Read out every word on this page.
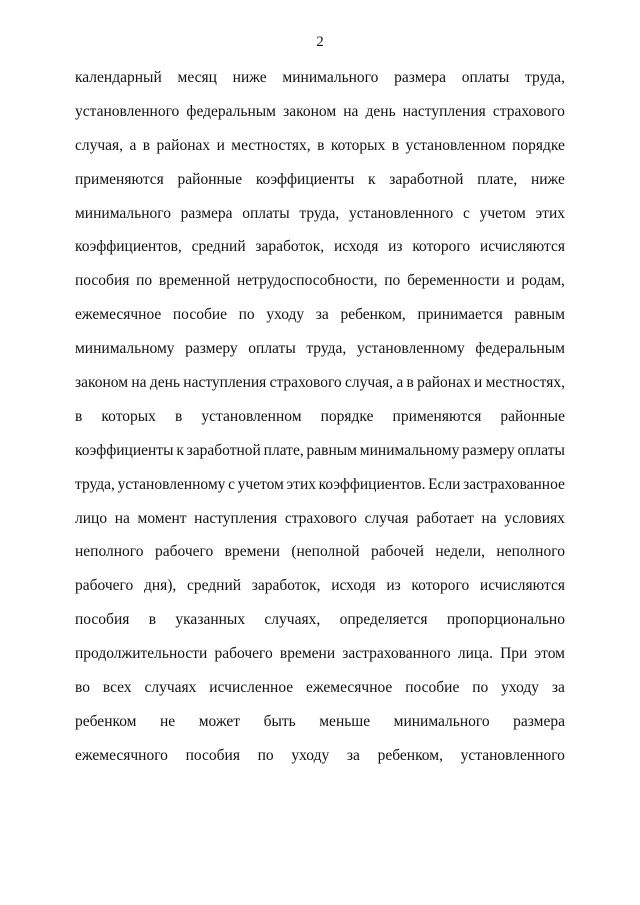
2
календарный месяц ниже минимального размера оплаты труда,
установленного федеральным законом на день наступления страхового
случая, а в районах и местностях, в которых в установленном порядке
применяются районные коэффициенты к заработной плате, ниже
минимального размера оплаты труда, установленного с учетом этих
коэффициентов, средний заработок, исходя из которого исчисляются
пособия по временной нетрудоспособности, по беременности и родам,
ежемесячное пособие по уходу за ребенком, принимается равным
минимальному размеру оплаты труда, установленному федеральным
законом на день наступления страхового случая, а в районах и местностях,
в которых в установленном порядке применяются районные
коэффициенты к заработной плате, равным минимальному размеру оплаты
труда, установленному с учетом этих коэффициентов. Если застрахованное
лицо на момент наступления страхового случая работает на условиях
неполного рабочего времени (неполной рабочей недели, неполного
рабочего дня), средний заработок, исходя из которого исчисляются
пособия в указанных случаях, определяется пропорционально
продолжительности рабочего времени застрахованного лица. При этом
во всех случаях исчисленное ежемесячное пособие по уходу за
ребенком не может быть меньше минимального размера
ежемесячного пособия по уходу за ребенком, установленного
